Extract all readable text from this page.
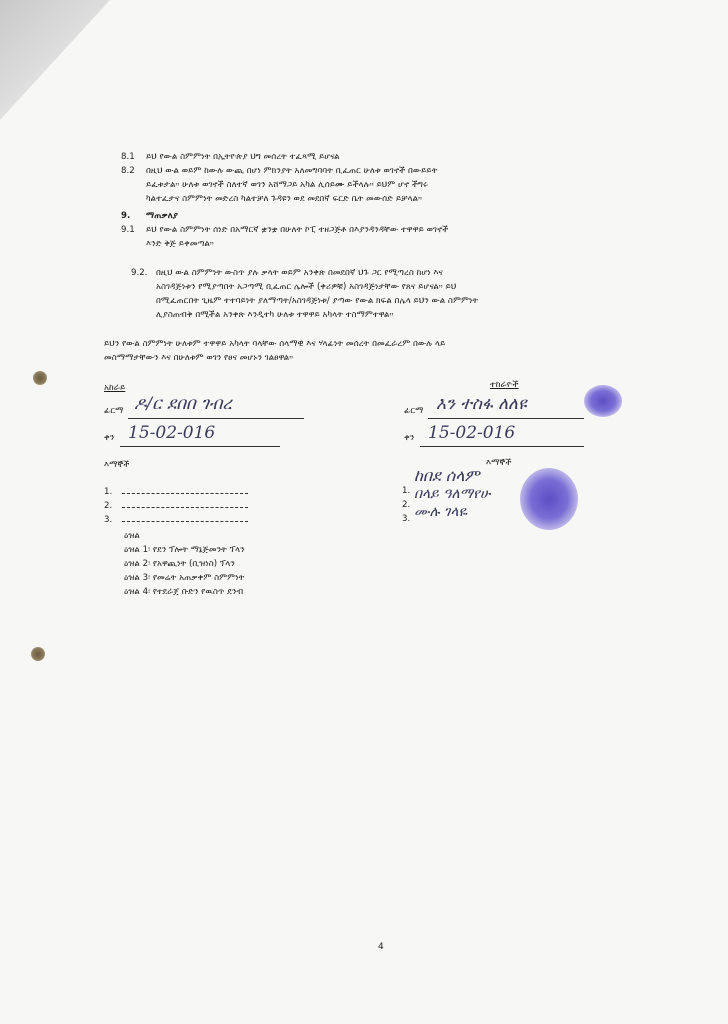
8.1 ይህ የውል ስምምነት በኢትዮጵያ ህግ መሰረት ተፈጻሚ ይሆናል
8.2 በዚህ ውል ወይም ከውሉ ውጪ በሆነ ምክንያት አለመግባባት ቢፈጠር ሁለቱ ወገኖች በውይይት
ይፈቱታል። ሁለቱ ወገኖች ስለተኛ ወገን አሸማጋይ አካል ሊሰይሙ ይችላሉ። ይህም ሆኖ ችግሩ
ካልተፈታና ስምምነት መድረስ ካልተቻለ ጉዳዩን ወደ መደበኛ ፍርድ ቤት መውሰድ ይቻላል።
9. ማጠቃለያ
9.1 ይህ የውል ስምምነት ሰነድ በአማርኛ ቋንቋ በሁለት ኮፒ ተዘጋጅቶ በእያንዳንዳቸው ተዋዋይ ወገኖች
እንድ ቅጅ ይቀመጣል።
9.2. በዚህ ውል ስምምነት ውስጥ ያሉ ቃላት ወይም አንቀጽ በመደበኛ ህጉ ጋር የሚጣረስ ከሆነ እና
አስገዳጅነቱን የሚያጣበት አጋጣሚ ቢፈጠር ሌሎች (ቀሪዎቹ) አስገዳጅነታቸው የጸና ይሆናል። ይህ
በሚፈጠርበት ጊዜም ተተባይነት ያለማጣት/አስገዳጅነቱ/ ያጣው የውል ክፍል በሌላ ይህን ውል ስምምነት
ሊያስጠብቅ በሚችል አንቀጽ እንዲተካ ሁለቱ ተዋዋይ አካላት ተስማምተዋል።
ይህን የውል ስምምነት ሁለቱም ተዋዋይ አካላት ባላቸው ሰላማዊ እና ሃላፊነት መሰረት በመፈራረም በውሉ ላይ
መስማማታቸውን እና በሁለቱም ወገን የፀና መሆኑን ገልፀዋል።
አከራይ
ፊርማ ዶ/ር ደበበ ገብረ
ቀን 15-02-016
ተከራዮች
ፊርማ እን ተስፋ ለለዩ
ቀን 15-02-016
እማኞች
1.
2.
3.
እማኞች
1.
ከበደ ሰላም
2.
በላይ ዓለማየሁ
3. ሙሉ ገላዬ
ዕዝል
ዕዝል 1፡ የደን ፕሎት ማኔጅመንት ፕላን
ዕዝል 2፡ የአዋጪነት (ቢዝነስ) ፕላን
ዕዝል 3፡ የመሬት አጠቃቀም ስምምነት
ዕዝል 4፡ የተደራጀ ቡድን የዉስጥ ደንብ
4
